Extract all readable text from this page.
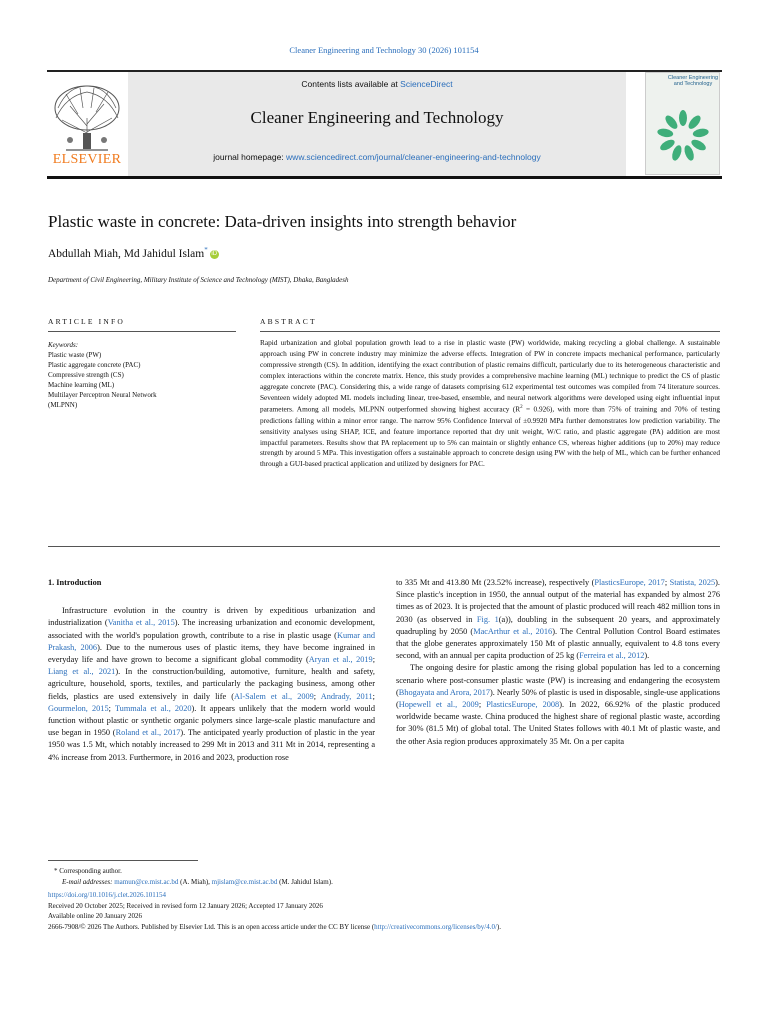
Cleaner Engineering and Technology 30 (2026) 101154
ELSEVIER
Contents lists available at ScienceDirect
Cleaner Engineering and Technology
journal homepage: www.sciencedirect.com/journal/cleaner-engineering-and-technology
Cleaner Engineering and Technology
Plastic waste in concrete: Data-driven insights into strength behavior
Abdullah Miah, Md Jahidul Islam* iD
Department of Civil Engineering, Military Institute of Science and Technology (MIST), Dhaka, Bangladesh
ARTICLE INFO	ABSTRACT
Keywords:
Plastic waste (PW)
Plastic aggregate concrete (PAC)
Compressive strength (CS)
Machine learning (ML)
Multilayer Perceptron Neural Network
(MLPNN)
Rapid urbanization and global population growth lead to a rise in plastic waste (PW) worldwide, making recycling a global challenge. A sustainable approach using PW in concrete industry may minimize the adverse effects. Integration of PW in concrete impacts mechanical performance, particularly compressive strength (CS). In addition, identifying the exact contribution of plastic remains difficult, particularly due to its heterogeneous characteristic and complex interactions within the concrete matrix. Hence, this study provides a comprehensive machine learning (ML) technique to predict the CS of plastic aggregate concrete (PAC). Considering this, a wide range of datasets comprising 612 experimental test outcomes was compiled from 74 literature sources. Seventeen widely adopted ML models including linear, tree-based, ensemble, and neural network algorithms were developed using eight influential input parameters. Among all models, MLPNN outperformed showing highest accuracy $(R^2 = 0.926)$, with more than 75% of training and 70% of testing predictions falling within a minor error range. The narrow 95% Confidence Interval of ±0.9920 MPa further demonstrates low prediction variability. The sensitivity analyses using SHAP, ICE, and feature importance reported that dry unit weight, W/C ratio, and plastic aggregate (PA) addition are most impactful parameters. Results show that PA replacement up to 5% can maintain or slightly enhance CS, whereas higher additions (up to 20%) may reduce strength by around 5 MPa. This investigation offers a sustainable approach to concrete design using PW with the help of ML, which can be further enhanced through a GUI-based practical application and utilized by designers for PAC.
1. Introduction

Infrastructure evolution in the country is driven by expeditious urbanization and industrialization (Vanitha et al., 2015). The increasing urbanization and economic development, associated with the world's population growth, contribute to a rise in plastic usage (Kumar and Prakash, 2006). Due to the numerous uses of plastic items, they have become ingrained in everyday life and have grown to become a significant global commodity (Aryan et al., 2019; Liang et al., 2021). In the construction/building, automotive, furniture, health and safety, agriculture, household, sports, textiles, and particularly the packaging business, among other fields, plastics are used extensively in daily life (Al-Salem et al., 2009; Andrady, 2011; Gourmelon, 2015; Tummala et al., 2020). It appears unlikely that the modern world would function without plastic or synthetic organic polymers since large-scale plastic manufacture and use began in 1950 (Roland et al., 2017). The anticipated yearly production of plastic in the year 1950 was 1.5 Mt, which notably increased to 299 Mt in 2013 and 311 Mt in 2014, representing a 4% increase from 2013. Furthermore, in 2016 and 2023, production rose

to 335 Mt and 413.80 Mt (23.52% increase), respectively (PlasticsEurope, 2017; Statista, 2025). Since plastic's inception in 1950, the annual output of the material has expanded by almost 276 times as of 2023. It is projected that the amount of plastic produced will reach 482 million tons in 2030 (as observed in Fig. 1(a)), doubling in the subsequent 20 years, and approximately quadrupling by 2050 (MacArthur et al., 2016). The Central Pollution Control Board estimates that the globe generates approximately 150 Mt of plastic annually, equivalent to 4.8 tons every second, with an annual per capita production of 25 kg (Ferreira et al., 2012).

The ongoing desire for plastic among the rising global population has led to a concerning scenario where post-consumer plastic waste (PW) is increasing and endangering the ecosystem (Bhogayata and Arora, 2017). Nearly 50% of plastic is used in disposable, single-use applications (Hopewell et al., 2009; PlasticsEurope, 2008). In 2022, 66.92% of the plastic produced worldwide became waste. China produced the highest share of regional plastic waste, according for 30% (81.5 Mt) of global total. The United States follows with 40.1 Mt of plastic waste, and the other Asia region produces approximately 35 Mt. On a per capita

* Corresponding author.
E-mail addresses: mamun@ce.mist.ac.bd (A. Miah), mjislam@ce.mist.ac.bd (M. Jahidul Islam).
https://doi.org/10.1016/j.clet.2026.101154
Received 20 October 2025; Received in revised form 12 January 2026; Accepted 17 January 2026
Available online 20 January 2026
2666-7908/© 2026 The Authors. Published by Elsevier Ltd. This is an open access article under the CC BY license (http://creativecommons.org/licenses/by/4.0/).
